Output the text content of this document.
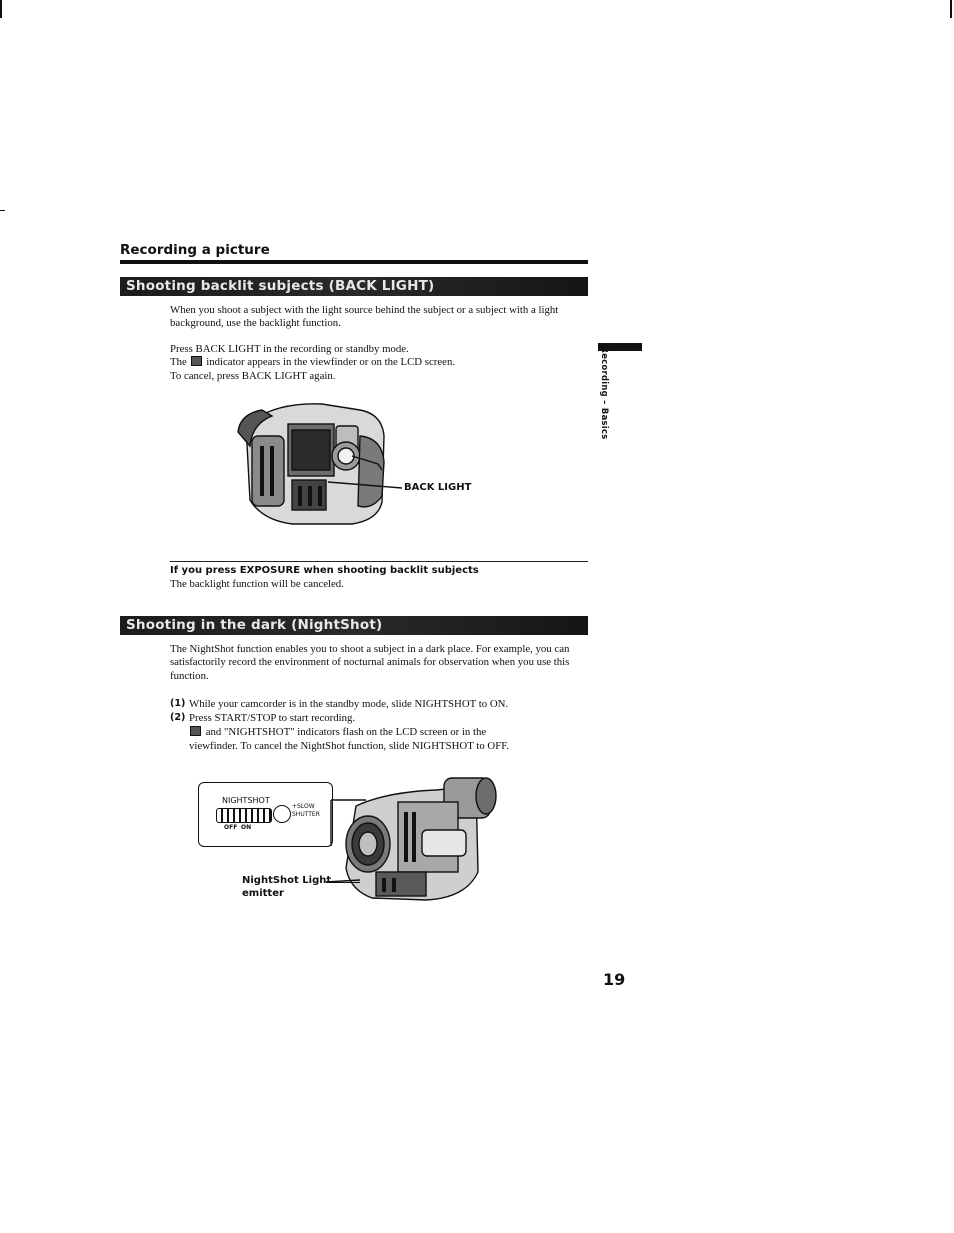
Recording a picture
Shooting backlit subjects (BACK LIGHT)

When you shoot a subject with the light source behind the subject or a subject with a light background, use the backlight function.

Press BACK LIGHT in the recording or standby mode.

The indicator appears in the viewfinder or on the LCD screen.

To cancel, press BACK LIGHT again.

BACK LIGHT
If you press EXPOSURE when shooting backlit subjects
The backlight function will be canceled.
Shooting in the dark (NightShot)

The NightShot function enables you to shoot a subject in a dark place. For example, you can satisfactorily record the environment of nocturnal animals for observation when you use this function.

(1) While your camcorder is in the standby mode, slide NIGHTSHOT to ON.
(2) Press START/STOP to start recording.
and "NIGHTSHOT" indicators flash on the LCD screen or in the
viewfinder. To cancel the NightShot function, slide NIGHTSHOT to OFF.
NIGHTSHOT
OFF ON
+SLOW
SHUTTER
NightShot Light
emitter
Recording – Basics
19
